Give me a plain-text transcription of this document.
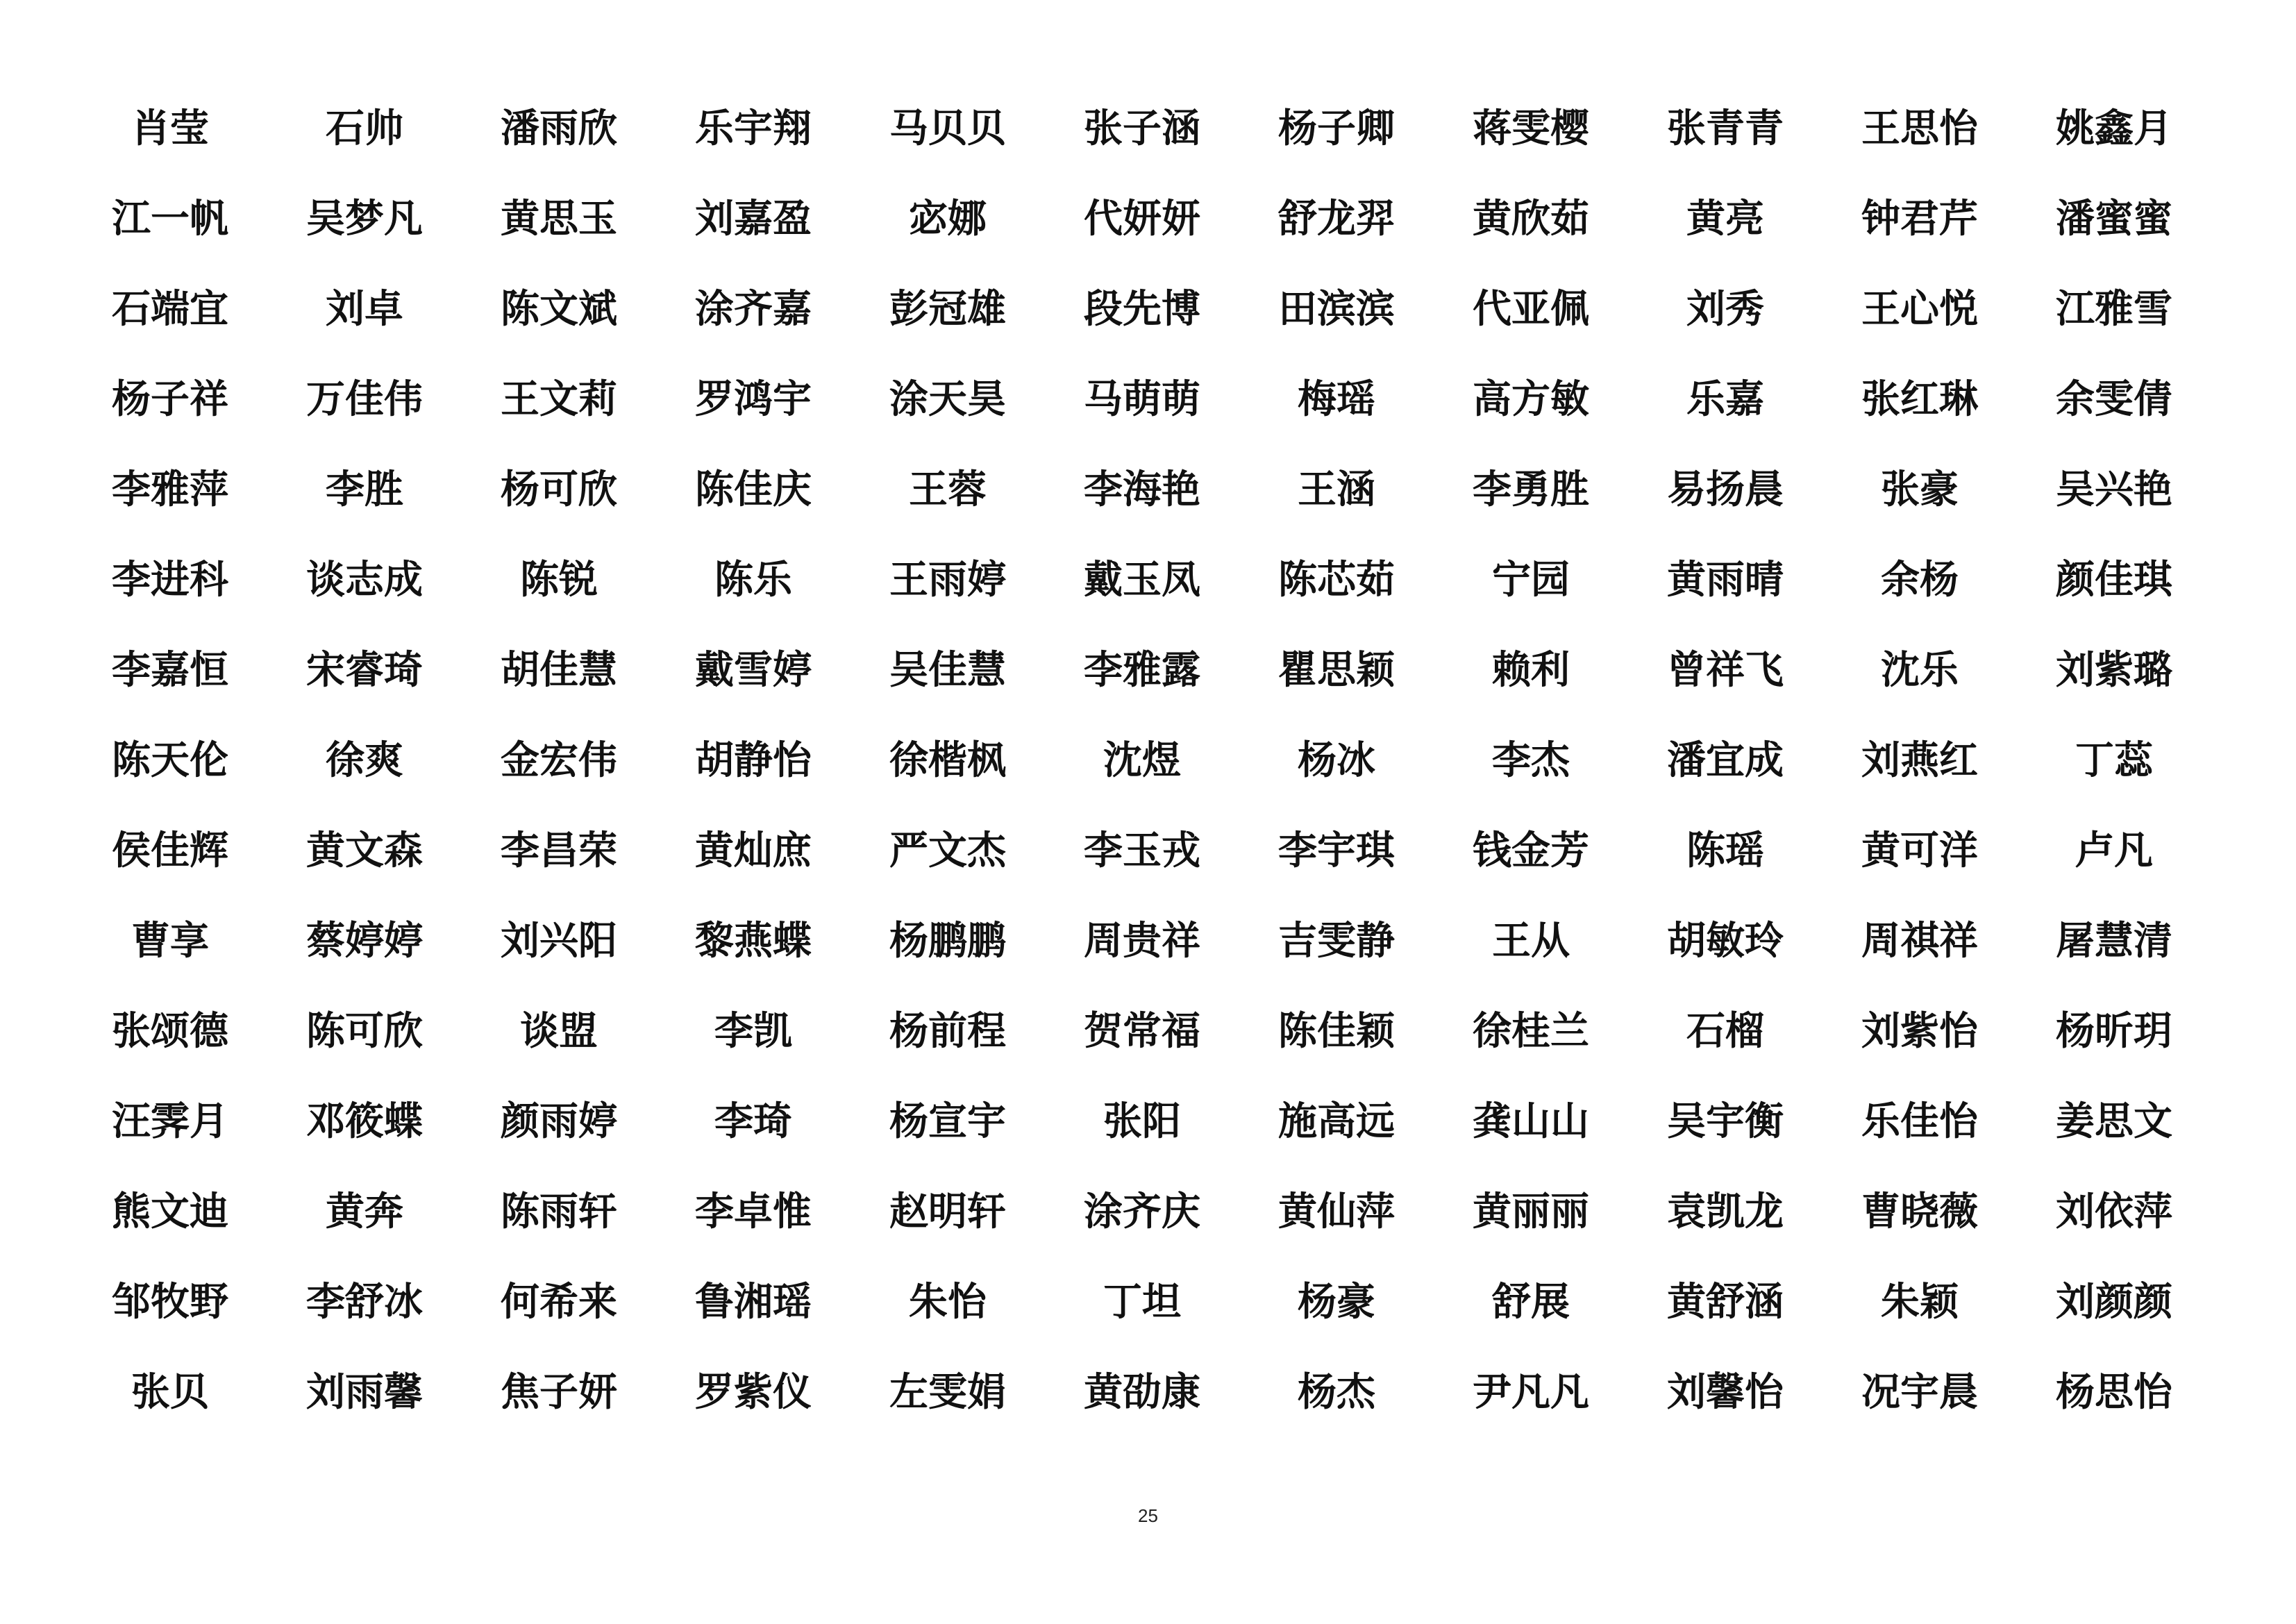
肖莹	石帅	潘雨欣	乐宇翔	马贝贝	张子涵	杨子卿	蒋雯樱	张青青	王思怡	姚鑫月
江一帆	吴梦凡	黄思玉	刘嘉盈	宓娜	代妍妍	舒龙羿	黄欣茹	黄亮	钟君芹	潘蜜蜜
石端宜	刘卓	陈文斌	涂齐嘉	彭冠雄	段先博	田滨滨	代亚佩	刘秀	王心悦	江雅雪
杨子祥	万佳伟	王文莉	罗鸿宇	涂天昊	马萌萌	梅瑶	高方敏	乐嘉	张红琳	余雯倩
李雅萍	李胜	杨可欣	陈佳庆	王蓉	李海艳	王涵	李勇胜	易扬晨	张豪	吴兴艳
李进科	谈志成	陈锐	陈乐	王雨婷	戴玉凤	陈芯茹	宁园	黄雨晴	余杨	颜佳琪
李嘉恒	宋睿琦	胡佳慧	戴雪婷	吴佳慧	李雅露	瞿思颖	赖利	曾祥飞	沈乐	刘紫璐
陈天伦	徐爽	金宏伟	胡静怡	徐楷枫	沈煜	杨冰	李杰	潘宜成	刘燕红	丁蕊
侯佳辉	黄文森	李昌荣	黄灿庶	严文杰	李玉戎	李宇琪	钱金芳	陈瑶	黄可洋	卢凡
曹享	蔡婷婷	刘兴阳	黎燕蝶	杨鹏鹏	周贵祥	吉雯静	王从	胡敏玲	周祺祥	屠慧清
张颂德	陈可欣	谈盟	李凯	杨前程	贺常福	陈佳颖	徐桂兰	石榴	刘紫怡	杨昕玥
汪霁月	邓筱蝶	颜雨婷	李琦	杨宣宇	张阳	施高远	龚山山	吴宇衡	乐佳怡	姜思文
熊文迪	黄奔	陈雨轩	李卓惟	赵明轩	涂齐庆	黄仙萍	黄丽丽	袁凯龙	曹晓薇	刘依萍
邹牧野	李舒冰	何希来	鲁湘瑶	朱怡	丁坦	杨豪	舒展	黄舒涵	朱颖	刘颜颜
张贝	刘雨馨	焦子妍	罗紫仪	左雯娟	黄劭康	杨杰	尹凡凡	刘馨怡	况宇晨	杨思怡
25
